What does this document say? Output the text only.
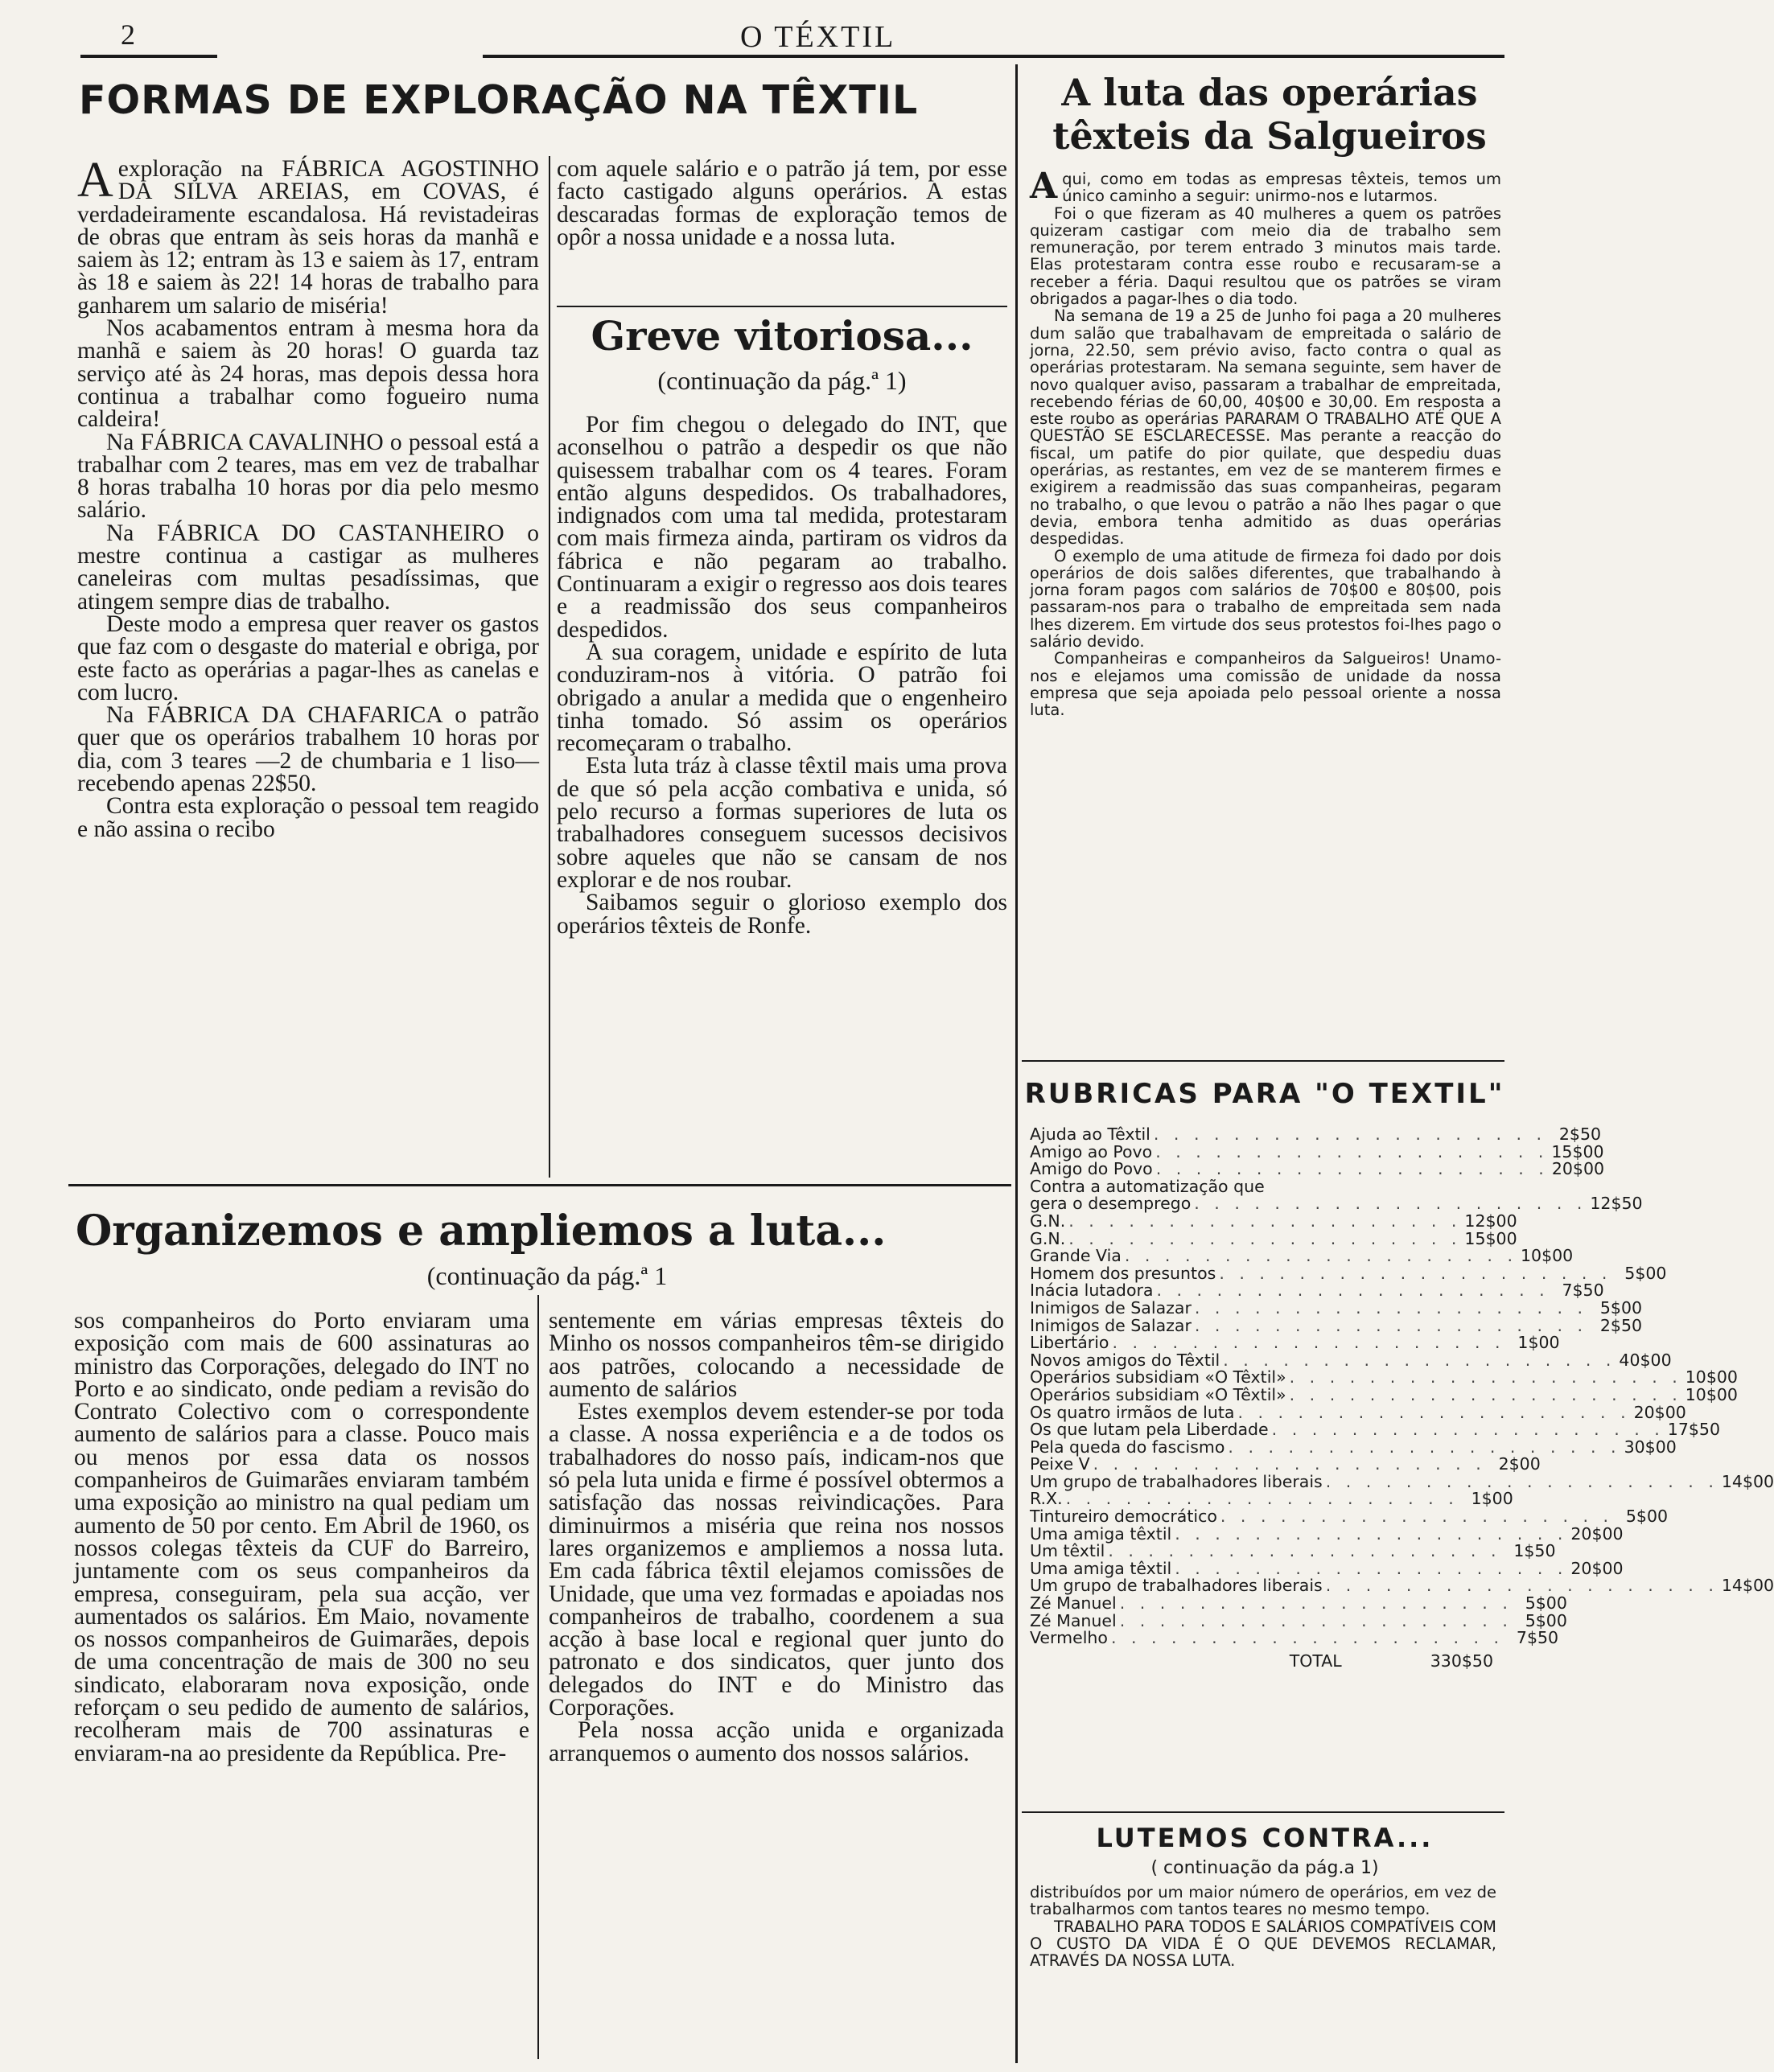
2	O TÉXTIL
FORMAS DE EXPLORAÇÃO NA TÊXTIL

Aexploração na FÁBRICA AGOSTINHO DA SILVA AREIAS, em COVAS, é verdadeiramente escandalosa. Há revistadeiras de obras que entram às seis horas da manhã e saiem às 12; entram às 13 e saiem às 17, entram às 18 e saiem às 22! 14 horas de trabalho para ganharem um salario de miséria!

Nos acabamentos entram à mesma hora da manhã e saiem às 20 horas! O guarda taz serviço até às 24 horas, mas depois dessa hora continua a trabalhar como fogueiro numa caldeira!

Na FÁBRICA CAVALINHO o pessoal está a trabalhar com 2 teares, mas em vez de trabalhar 8 horas trabalha 10 horas por dia pelo mesmo salário.

Na FÁBRICA DO CASTANHEIRO o mestre continua a castigar as mulheres caneleiras com multas pesadíssimas, que atingem sempre dias de trabalho.

Deste modo a empresa quer reaver os gastos que faz com o desgaste do material e obriga, por este facto as operárias a pagar-lhes as canelas e com lucro.

Na FÁBRICA DA CHAFARICA o patrão quer que os operários trabalhem 10 horas por dia, com 3 teares —2 de chumbaria e 1 liso— recebendo apenas 22$50.

Contra esta exploração o pessoal tem reagido e não assina o recibo

com aquele salário e o patrão já tem, por esse facto castigado alguns operários. A estas descaradas formas de exploração temos de opôr a nossa unidade e a nossa luta.

Greve vitoriosa...
(continuação da pág.ª 1)

Por fim chegou o delegado do INT, que aconselhou o patrão a despedir os que não quisessem trabalhar com os 4 teares. Foram então alguns despedidos. Os trabalhadores, indignados com uma tal medida, protestaram com mais firmeza ainda, partiram os vidros da fábrica e não pegaram ao trabalho. Continuaram a exigir o regresso aos dois teares e a readmissão dos seus companheiros despedidos.

A sua coragem, unidade e espírito de luta conduziram-nos à vitória. O patrão foi obrigado a anular a medida que o engenheiro tinha tomado. Só assim os operários recomeçaram o trabalho.

Esta luta tráz à classe têxtil mais uma prova de que só pela acção combativa e unida, só pelo recurso a formas superiores de luta os trabalhadores conseguem sucessos decisivos sobre aqueles que não se cansam de nos explorar e de nos roubar.

Saibamos seguir o glorioso exemplo dos operários têxteis de Ronfe.

Organizemos e ampliemos a luta...
(continuação da pág.ª 1

sos companheiros do Porto enviaram uma exposição com mais de 600 assinaturas ao ministro das Corporações, delegado do INT no Porto e ao sindicato, onde pediam a revisão do Contrato Colectivo com o correspondente aumento de salários para a classe. Pouco mais ou menos por essa data os nossos companheiros de Guimarães enviaram também uma exposição ao ministro na qual pediam um aumento de 50 por cento. Em Abril de 1960, os nossos colegas têxteis da CUF do Barreiro, juntamente com os seus companheiros da empresa, conseguiram, pela sua acção, ver aumentados os salários. Em Maio, novamente os nossos companheiros de Guimarães, depois de uma concentração de mais de 300 no seu sindicato, elaboraram nova exposição, onde reforçam o seu pedido de aumento de salários, recolheram mais de 700 assinaturas e enviaram-na ao presidente da República. Pre-

sentemente em várias empresas têxteis do Minho os nossos companheiros têm-se dirigido aos patrões, colocando a necessidade de aumento de salários

Estes exemplos devem estender-se por toda a classe. A nossa experiência e a de todos os trabalhadores do nosso país, indicam-nos que só pela luta unida e firme é possível obtermos a satisfação das nossas reivindicações. Para diminuirmos a miséria que reina nos nossos lares organizemos e ampliemos a nossa luta. Em cada fábrica têxtil elejamos comissões de Unidade, que uma vez formadas e apoiadas nos companheiros de trabalho, coordenem a sua acção à base local e regional quer junto do patronato e dos sindicatos, quer junto dos delegados do INT e do Ministro das Corporações.

Pela nossa acção unida e organizada arranquemos o aumento dos nossos salários.

A luta das operárias têxteis da Salgueiros

Aqui, como em todas as empresas têxteis, temos um único caminho a seguir: unirmo-nos e lutarmos.

Foi o que fizeram as 40 mulheres a quem os patrões quizeram castigar com meio dia de trabalho sem remuneração, por terem entrado 3 minutos mais tarde. Elas protestaram contra esse roubo e recusaram-se a receber a féria. Daqui resultou que os patrões se viram obrigados a pagar-lhes o dia todo.

Na semana de 19 a 25 de Junho foi paga a 20 mulheres dum salão que trabalhavam de empreitada o salário de jorna, 22.50, sem prévio aviso, facto contra o qual as operárias protestaram. Na semana seguinte, sem haver de novo qualquer aviso, passaram a trabalhar de empreitada, recebendo férias de 60,00, 40$00 e 30,00. Em resposta a este roubo as operárias PARARAM O TRABALHO ATÉ QUE A QUESTÃO SE ESCLARECESSE. Mas perante a reacção do fiscal, um patife do pior quilate, que despediu duas operárias, as restantes, em vez de se manterem firmes e exigirem a readmissão das suas companheiras, pegaram no trabalho, o que levou o patrão a não lhes pagar o que devia, embora tenha admitido as duas operárias despedidas.

O exemplo de uma atitude de firmeza foi dado por dois operários de dois salões diferentes, que trabalhando à jorna foram pagos com salários de 70$00 e 80$00, pois passaram-nos para o trabalho de empreitada sem nada lhes dizerem. Em virtude dos seus protestos foi-lhes pago o salário devido.

Companheiras e companheiros da Salgueiros! Unamo-nos e elejamos uma comissão de unidade da nossa empresa que seja apoiada pelo pessoal oriente a nossa luta.

RUBRICAS PARA "O TEXTIL"
Ajuda ao Têxtil . . . . . . . . . . . . . . . . . . . . 2$50
Amigo ao Povo . . . . . . . . . . . . . . . . . . . . 15$00
Amigo do Povo . . . . . . . . . . . . . . . . . . . . 20$00
Contra a automatização que
gera o desemprego . . . . . . . . . . . . . . . . . . . . 12$50
G.N. . . . . . . . . . . . . . . . . . . . . 12$00
G.N. . . . . . . . . . . . . . . . . . . . . 15$00
Grande Via . . . . . . . . . . . . . . . . . . . . 10$00
Homem dos presuntos . . . . . . . . . . . . . . . . . . . . 5$00
Inácia lutadora . . . . . . . . . . . . . . . . . . . . 7$50
Inimigos de Salazar . . . . . . . . . . . . . . . . . . . . 5$00
Inimigos de Salazar . . . . . . . . . . . . . . . . . . . . 2$50
Libertário . . . . . . . . . . . . . . . . . . . . 1$00
Novos amigos do Têxtil . . . . . . . . . . . . . . . . . . . . 40$00
Operários subsidiam «O Têxtil» . . . . . . . . . . . . . . . . . . . . 10$00
Operários subsidiam «O Têxtil» . . . . . . . . . . . . . . . . . . . . 10$00
Os quatro irmãos de luta . . . . . . . . . . . . . . . . . . . . 20$00
Os que lutam pela Liberdade . . . . . . . . . . . . . . . . . . . . 17$50
Pela queda do fascismo . . . . . . . . . . . . . . . . . . . . 30$00
Peixe V . . . . . . . . . . . . . . . . . . . . 2$00
Um grupo de trabalhadores liberais . . . . . . . . . . . . . . . . . . . . 14$00
R.X. . . . . . . . . . . . . . . . . . . . . 1$00
Tintureiro democrático . . . . . . . . . . . . . . . . . . . . 5$00
Uma amiga têxtil . . . . . . . . . . . . . . . . . . . . 20$00
Um têxtil . . . . . . . . . . . . . . . . . . . . 1$50
Uma amiga têxtil . . . . . . . . . . . . . . . . . . . . 20$00
Um grupo de trabalhadores liberais . . . . . . . . . . . . . . . . . . . . 14$00
Zé Manuel . . . . . . . . . . . . . . . . . . . . 5$00
Zé Manuel . . . . . . . . . . . . . . . . . . . . 5$00
Vermelho . . . . . . . . . . . . . . . . . . . . 7$50
TOTAL	330$50
LUTEMOS CONTRA...
( continuação da pág.a 1)

distribuídos por um maior número de operários, em vez de trabalharmos com tantos teares no mesmo tempo.

TRABALHO PARA TODOS E SALÁRIOS COMPATÍVEIS COM O CUSTO DA VIDA É O QUE DEVEMOS RECLAMAR, ATRAVÉS DA NOSSA LUTA.
